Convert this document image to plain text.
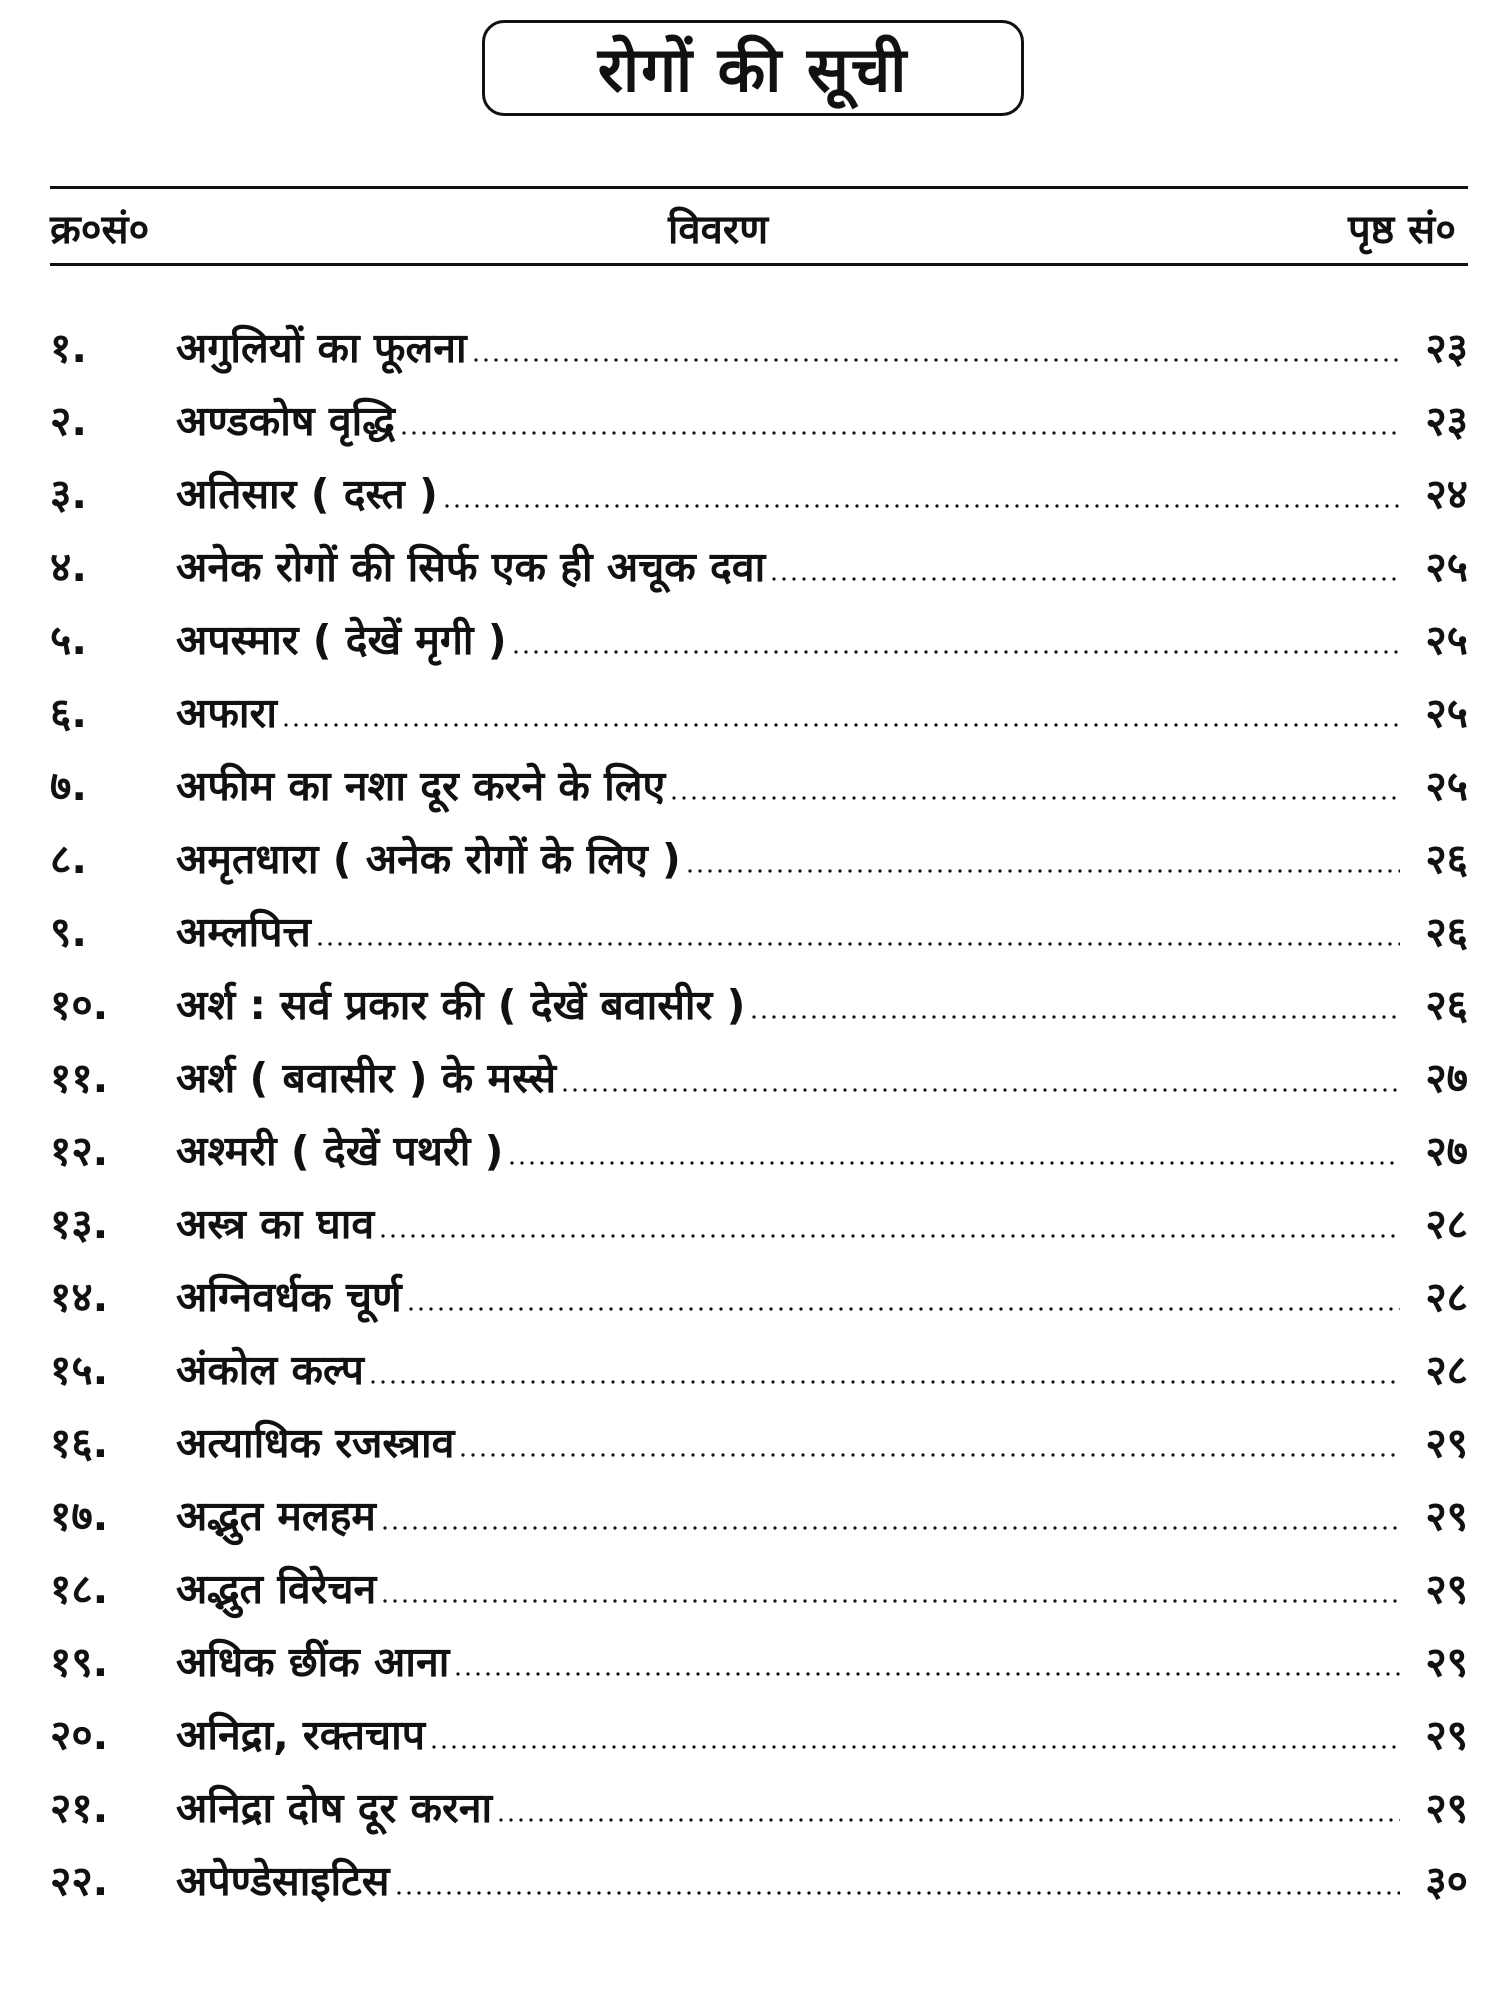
रोगों की सूची
क्र०सं०	विवरण	पृष्ठ सं०
१.	अगुलियों का फूलना	२३
२.	अण्डकोष वृद्धि	२३
३.	अतिसार ( दस्त )	२४
४.	अनेक रोगों की सिर्फ एक ही अचूक दवा	२५
५.	अपस्मार ( देखें मृगी )	२५
६.	अफारा	२५
७.	अफीम का नशा दूर करने के लिए	२५
८.	अमृतधारा ( अनेक रोगों के लिए )	२६
९.	अम्लपित्त	२६
१०.	अर्श : सर्व प्रकार की ( देखें बवासीर )	२६
११.	अर्श ( बवासीर ) के मस्से	२७
१२.	अश्मरी ( देखें पथरी )	२७
१३.	अस्त्र का घाव	२८
१४.	अग्निवर्धक चूर्ण	२८
१५.	अंकोल कल्प	२८
१६.	अत्याधिक रजस्त्राव	२९
१७.	अद्भुत मलहम	२९
१८.	अद्भुत विरेचन	२९
१९.	अधिक छींक आना	२९
२०.	अनिद्रा, रक्तचाप	२९
२१.	अनिद्रा दोष दूर करना	२९
२२.	अपेण्डेसाइटिस	३०
